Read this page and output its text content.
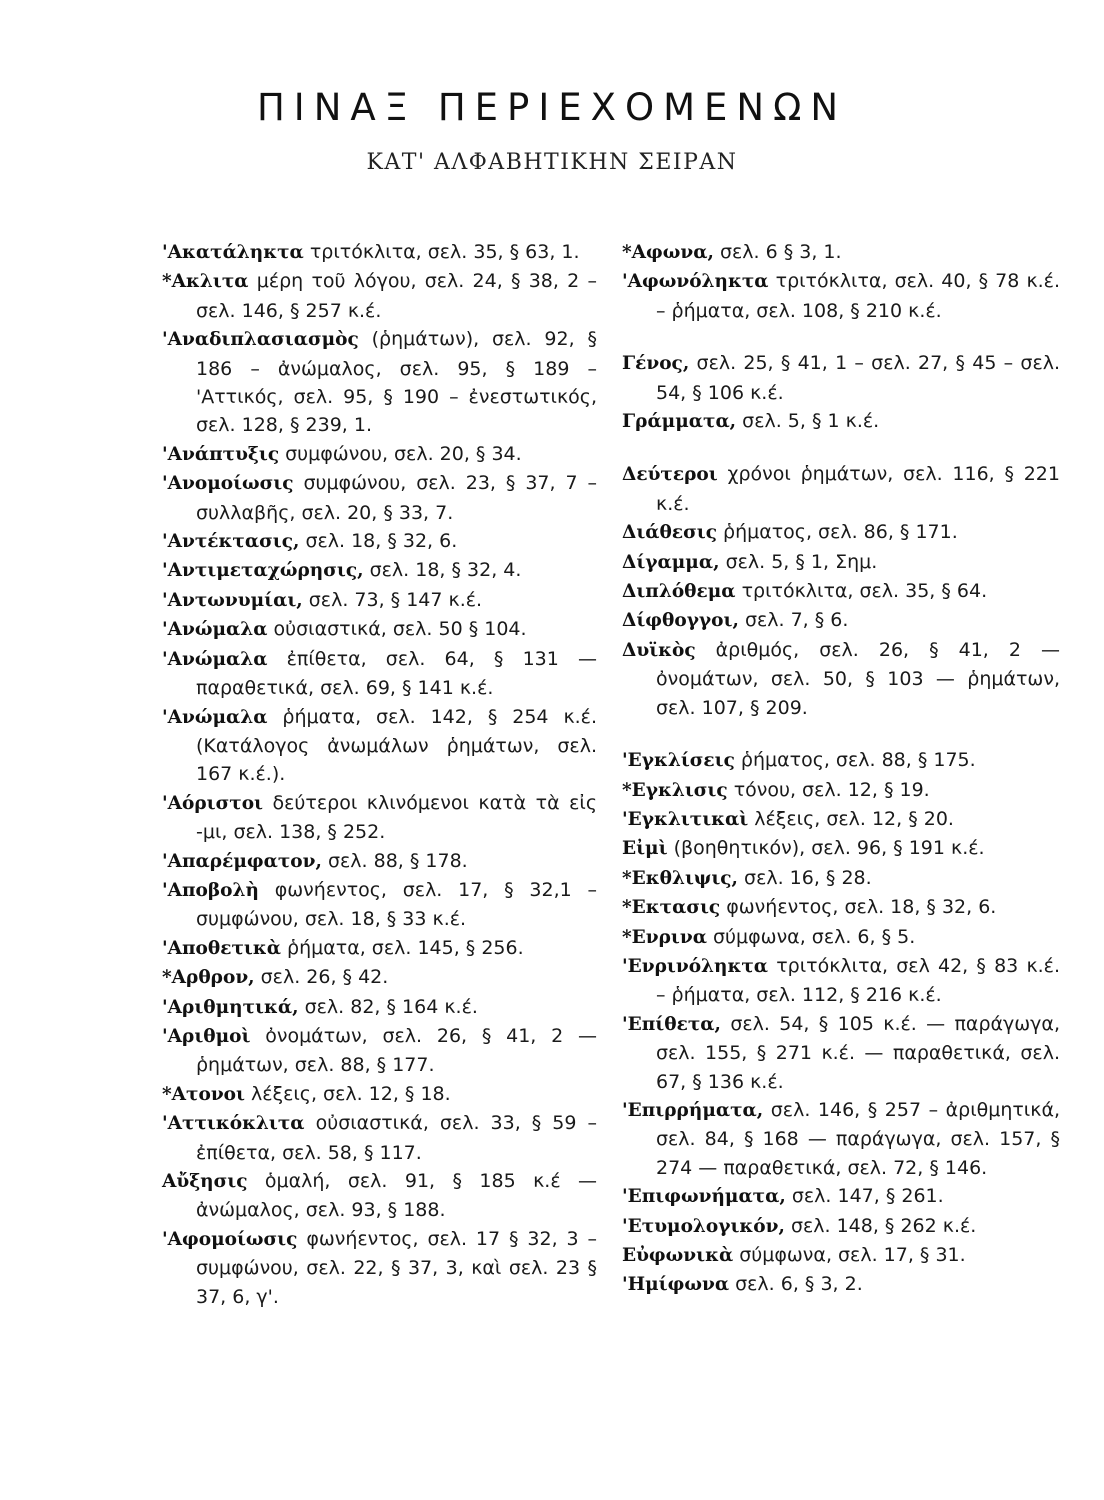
ΠΙΝΑΞ ΠΕΡΙΕΧΟΜΕΝΩΝ
ΚΑΤ' ΑΛΦΑΒΗΤΙΚΗΝ ΣΕΙΡΑΝ
'Ακατάληκτα τριτόκλιτα, σελ. 35, § 63, 1.
*Ακλιτα μέρη τοῦ λόγου, σελ. 24, § 38, 2 – σελ. 146, § 257 κ.έ.
'Αναδιπλασιασμὸς (ῥημάτων), σελ. 92, § 186 – ἀνώμαλος, σελ. 95, § 189 – 'Αττικός, σελ. 95, § 190 – ἐνεστωτικός, σελ. 128, § 239, 1.
'Ανάπτυξις συμφώνου, σελ. 20, § 34.
'Ανομοίωσις συμφώνου, σελ. 23, § 37, 7 – συλλαβῆς, σελ. 20, § 33, 7.
'Αντέκτασις, σελ. 18, § 32, 6.
'Αντιμεταχώρησις, σελ. 18, § 32, 4.
'Αντωνυμίαι, σελ. 73, § 147 κ.έ.
'Ανώμαλα οὐσιαστικά, σελ. 50 § 104.
'Ανώμαλα ἐπίθετα, σελ. 64, § 131 — παραθετικά, σελ. 69, § 141 κ.έ.
'Ανώμαλα ῥήματα, σελ. 142, § 254 κ.έ. (Κατάλογος ἀνωμάλων ῥημάτων, σελ. 167 κ.έ.).
'Αόριστοι δεύτεροι κλινόμενοι κατὰ τὰ εἰς -μι, σελ. 138, § 252.
'Απαρέμφατον, σελ. 88, § 178.
'Αποβολὴ φωνήεντος, σελ. 17, § 32,1 – συμφώνου, σελ. 18, § 33 κ.έ.
'Αποθετικὰ ῥήματα, σελ. 145, § 256.
*Αρθρον, σελ. 26, § 42.
'Αριθμητικά, σελ. 82, § 164 κ.έ.
'Αριθμοὶ ὀνομάτων, σελ. 26, § 41, 2 — ῥημάτων, σελ. 88, § 177.
*Ατονοι λέξεις, σελ. 12, § 18.
'Αττικόκλιτα οὐσιαστικά, σελ. 33, § 59 – ἐπίθετα, σελ. 58, § 117.
Αὔξησις ὁμαλή, σελ. 91, § 185 κ.έ — ἀνώμαλος, σελ. 93, § 188.
'Αφομοίωσις φωνήεντος, σελ. 17 § 32, 3 – συμφώνου, σελ. 22, § 37, 3, καὶ σελ. 23 § 37, 6, γ'.
*Αφωνα, σελ. 6 § 3, 1.
'Αφωνόληκτα τριτόκλιτα, σελ. 40, § 78 κ.έ. – ῥήματα, σελ. 108, § 210 κ.έ.
Γένος, σελ. 25, § 41, 1 – σελ. 27, § 45 – σελ. 54, § 106 κ.έ.
Γράμματα, σελ. 5, § 1 κ.έ.
Δεύτεροι χρόνοι ῥημάτων, σελ. 116, § 221 κ.έ.
Διάθεσις ῥήματος, σελ. 86, § 171.
Δίγαμμα, σελ. 5, § 1, Σημ.
Διπλόθεμα τριτόκλιτα, σελ. 35, § 64.
Δίφθογγοι, σελ. 7, § 6.
Δυϊκὸς ἀριθμός, σελ. 26, § 41, 2 — ὀνομάτων, σελ. 50, § 103 — ῥημάτων, σελ. 107, § 209.
'Εγκλίσεις ῥήματος, σελ. 88, § 175.
*Εγκλισις τόνου, σελ. 12, § 19.
'Εγκλιτικαὶ λέξεις, σελ. 12, § 20.
Εἰμὶ (βοηθητικόν), σελ. 96, § 191 κ.έ.
*Εκθλιψις, σελ. 16, § 28.
*Εκτασις φωνήεντος, σελ. 18, § 32, 6.
*Ενρινα σύμφωνα, σελ. 6, § 5.
'Ενρινόληκτα τριτόκλιτα, σελ 42, § 83 κ.έ. – ῥήματα, σελ. 112, § 216 κ.έ.
'Επίθετα, σελ. 54, § 105 κ.έ. — παράγωγα, σελ. 155, § 271 κ.έ. — παραθετικά, σελ. 67, § 136 κ.έ.
'Επιρρήματα, σελ. 146, § 257 – ἀριθμητικά, σελ. 84, § 168 — παράγωγα, σελ. 157, § 274 — παραθετικά, σελ. 72, § 146.
'Επιφωνήματα, σελ. 147, § 261.
'Ετυμολογικόν, σελ. 148, § 262 κ.έ.
Εὐφωνικὰ σύμφωνα, σελ. 17, § 31.
'Ημίφωνα σελ. 6, § 3, 2.
